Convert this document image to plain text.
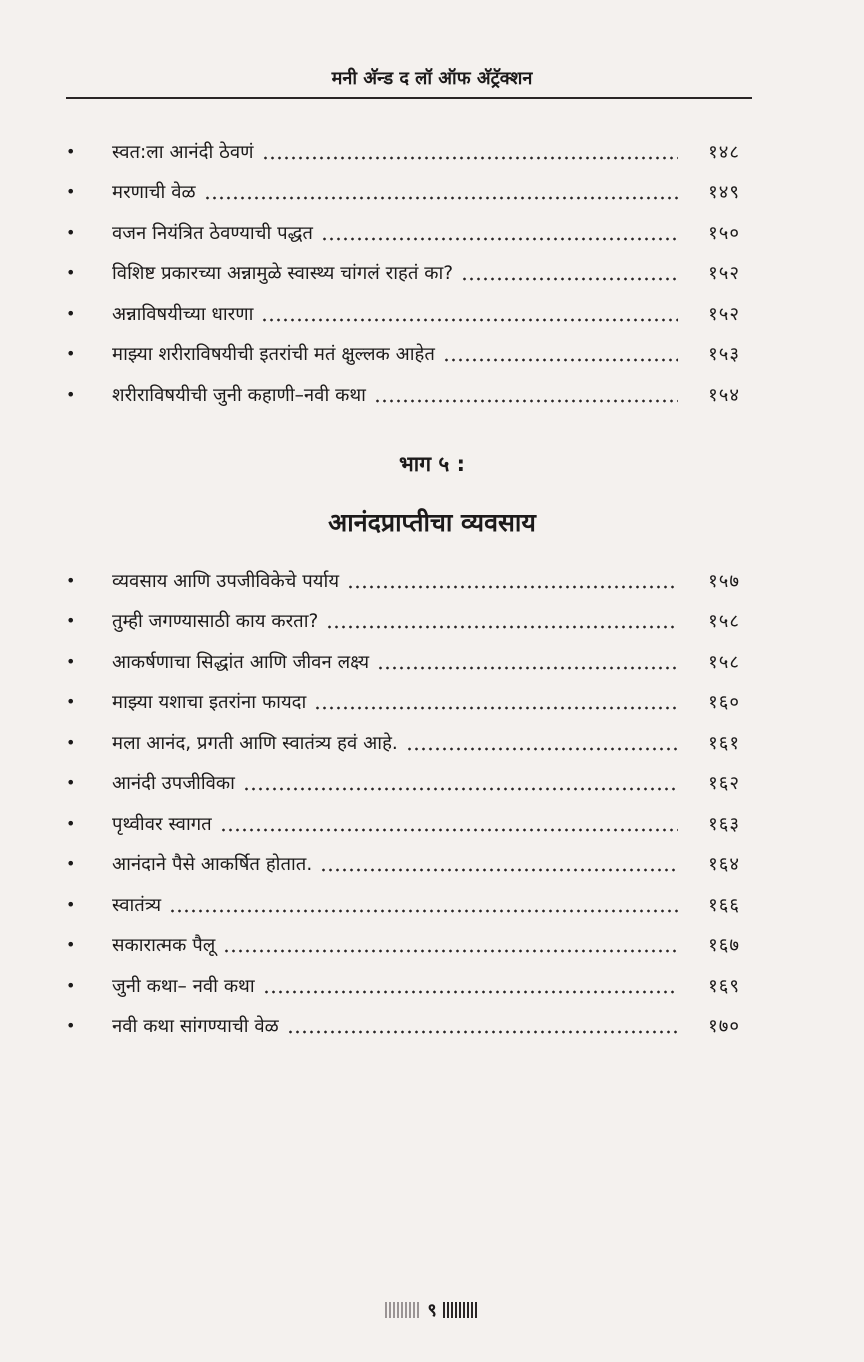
मनी अ‍ॅन्ड द लॉ ऑफ अ‍ॅट्रॅक्शन
•	स्वत:ला आनंदी ठेवणं	१४८
•	मरणाची वेळ	१४९
•	वजन नियंत्रित ठेवण्याची पद्धत	१५०
•	विशिष्ट प्रकारच्या अन्नामुळे स्वास्थ्य चांगलं राहतं का?	१५२
•	अन्नाविषयीच्या धारणा	१५२
•	माझ्या शरीराविषयीची इतरांची मतं क्षुल्लक आहेत	१५३
•	शरीराविषयीची जुनी कहाणी–नवी कथा	१५४
भाग ५ :
आनंदप्राप्तीचा व्यवसाय
•	व्यवसाय आणि उपजीविकेचे पर्याय	१५७
•	तुम्ही जगण्यासाठी काय करता?	१५८
•	आकर्षणाचा सिद्धांत आणि जीवन लक्ष्य	१५८
•	माझ्या यशाचा इतरांना फायदा	१६०
•	मला आनंद, प्रगती आणि स्वातंत्र्य हवं आहे.	१६१
•	आनंदी उपजीविका	१६२
•	पृथ्वीवर स्वागत	१६३
•	आनंदाने पैसे आकर्षित होतात.	१६४
•	स्वातंत्र्य	१६६
•	सकारात्मक पैलू	१६७
•	जुनी कथा– नवी कथा	१६९
•	नवी कथा सांगण्याची वेळ	१७०
९
